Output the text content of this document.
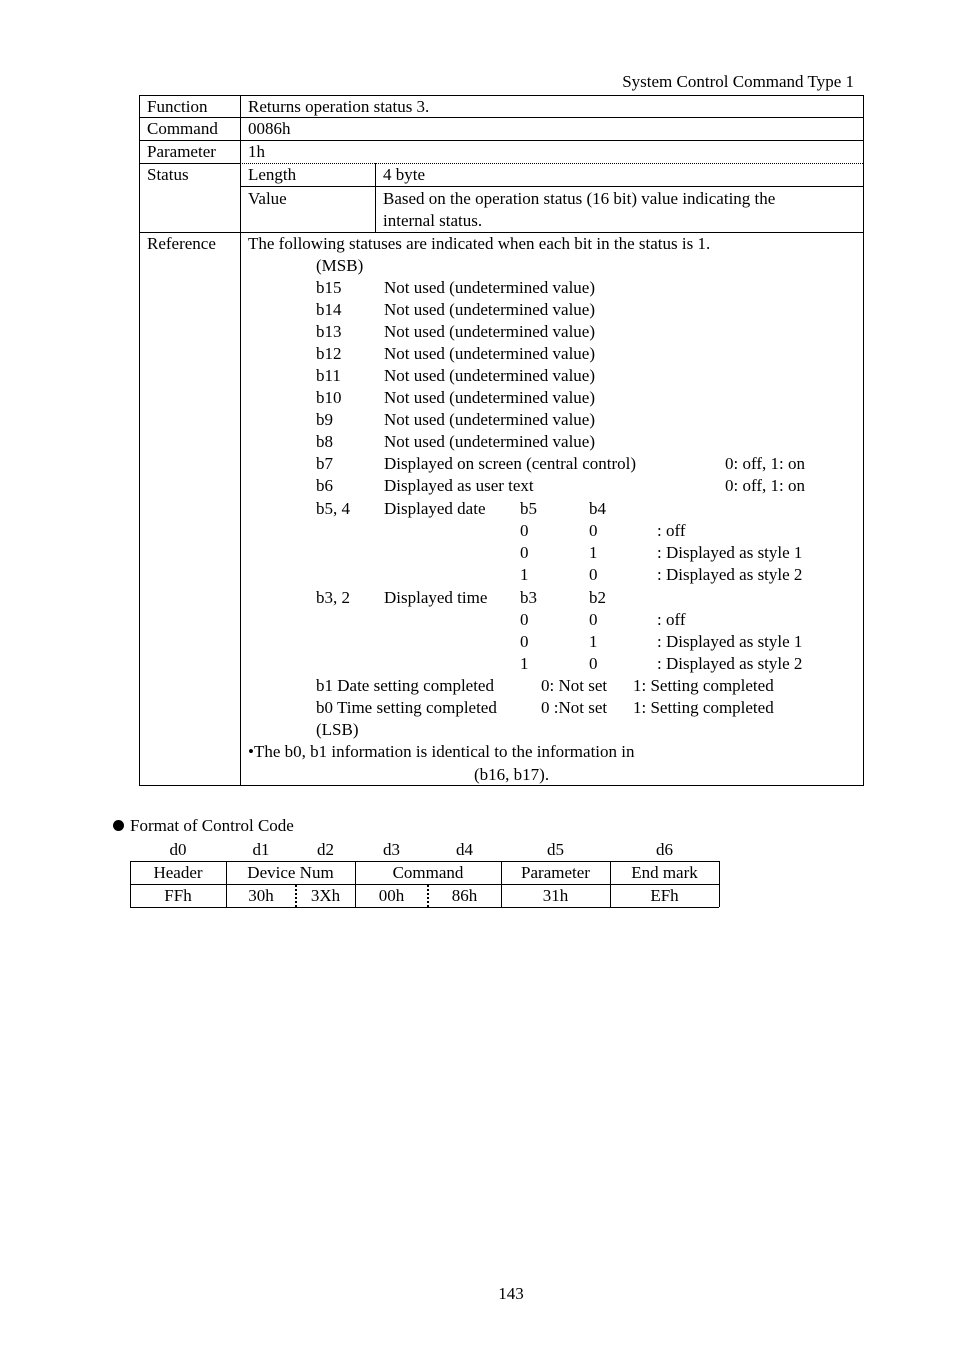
System Control Command Type 1
Function Returns operation status 3.
Command 0086h
Parameter 1h
Status	Length	4 byte
Value	Based on the operation status (16 bit) value indicating the
internal status.
Reference The following statuses are indicated when each bit in the status is 1.
(MSB)
b15	Not used (undetermined value)
b14	Not used (undetermined value)
b13	Not used (undetermined value)
b12	Not used (undetermined value)
b11	Not used (undetermined value)
b10	Not used (undetermined value)
b9	Not used (undetermined value)
b8	Not used (undetermined value)
b7	Displayed on screen (central control)	0: off, 1: on
b6	Displayed as user text	0: off, 1: on
b5, 4 Displayed date b5	b4
0	0	: off
0	1	: Displayed as style 1
1	0	: Displayed as style 2
b3, 2 Displayed time b3	b2
0	0	: off
0	1	: Displayed as style 1
1	0	: Displayed as style 2
b1 Date setting completed	0: Not set 1: Setting completed
b0 Time setting completed	0 :Not set 1: Setting completed
(LSB)
•The b0, b1 information is identical to the information in
(b16, b17).
Format of Control Code
d0	d1	d2	d3	d4	d5	d6
Header	Device Num	Command	Parameter	End mark
FFh	30h	3Xh	00h	86h	31h	EFh
143
